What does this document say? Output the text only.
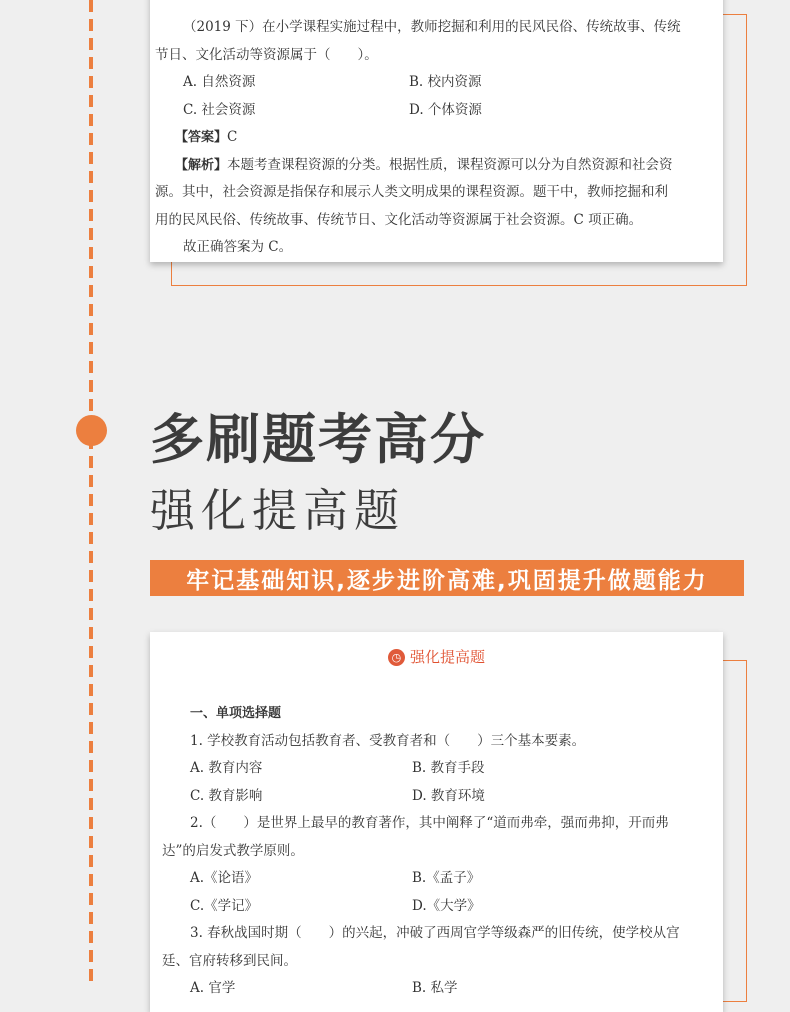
（2019 下）在小学课程实施过程中，教师挖掘和利用的民风民俗、传统故事、传统

节日、文化活动等资源属于（　　）。

A. 自然资源	B. 校内资源
C. 社会资源	D. 个体资源

【答案】C

【解析】本题考查课程资源的分类。根据性质，课程资源可以分为自然资源和社会资

源。其中，社会资源是指保存和展示人类文明成果的课程资源。题干中，教师挖掘和利

用的民风民俗、传统故事、传统节日、文化活动等资源属于社会资源。C 项正确。

故正确答案为 C。

多刷题考高分
强化提高题
牢记基础知识,逐步进阶高难,巩固提升做题能力
◷ 强化提高题

一、单项选择题

1. 学校教育活动包括教育者、受教育者和（　　）三个基本要素。

A. 教育内容	B. 教育手段
C. 教育影响	D. 教育环境

2.（　　）是世界上最早的教育著作，其中阐释了“道而弗牵，强而弗抑，开而弗

达”的启发式教学原则。

A.《论语》	B.《孟子》
C.《学记》	D.《大学》

3. 春秋战国时期（　　）的兴起，冲破了西周官学等级森严的旧传统，使学校从宫

廷、官府转移到民间。

A. 官学	B. 私学
